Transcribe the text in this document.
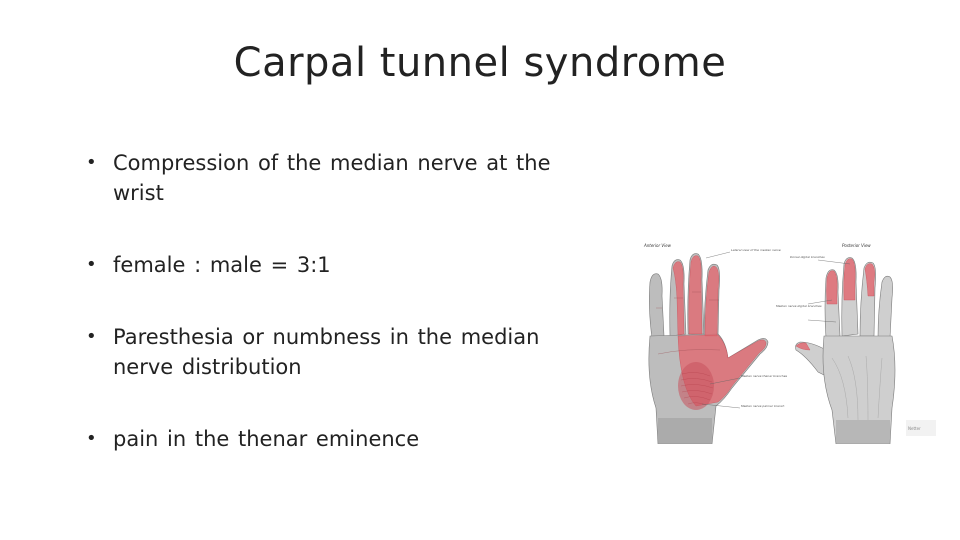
Carpal tunnel syndrome
• Compression of the median nerve at the wrist
• female : male = 3:1
• Paresthesia or numbness in the median nerve distribution
• pain in the thenar eminence
Anterior View
Lateral view of the median nerve
Median nerve thenar branches
Median nerve palmar branch
Posterior View
Dorsal digital branches
Median nerve digital branches
Netter
